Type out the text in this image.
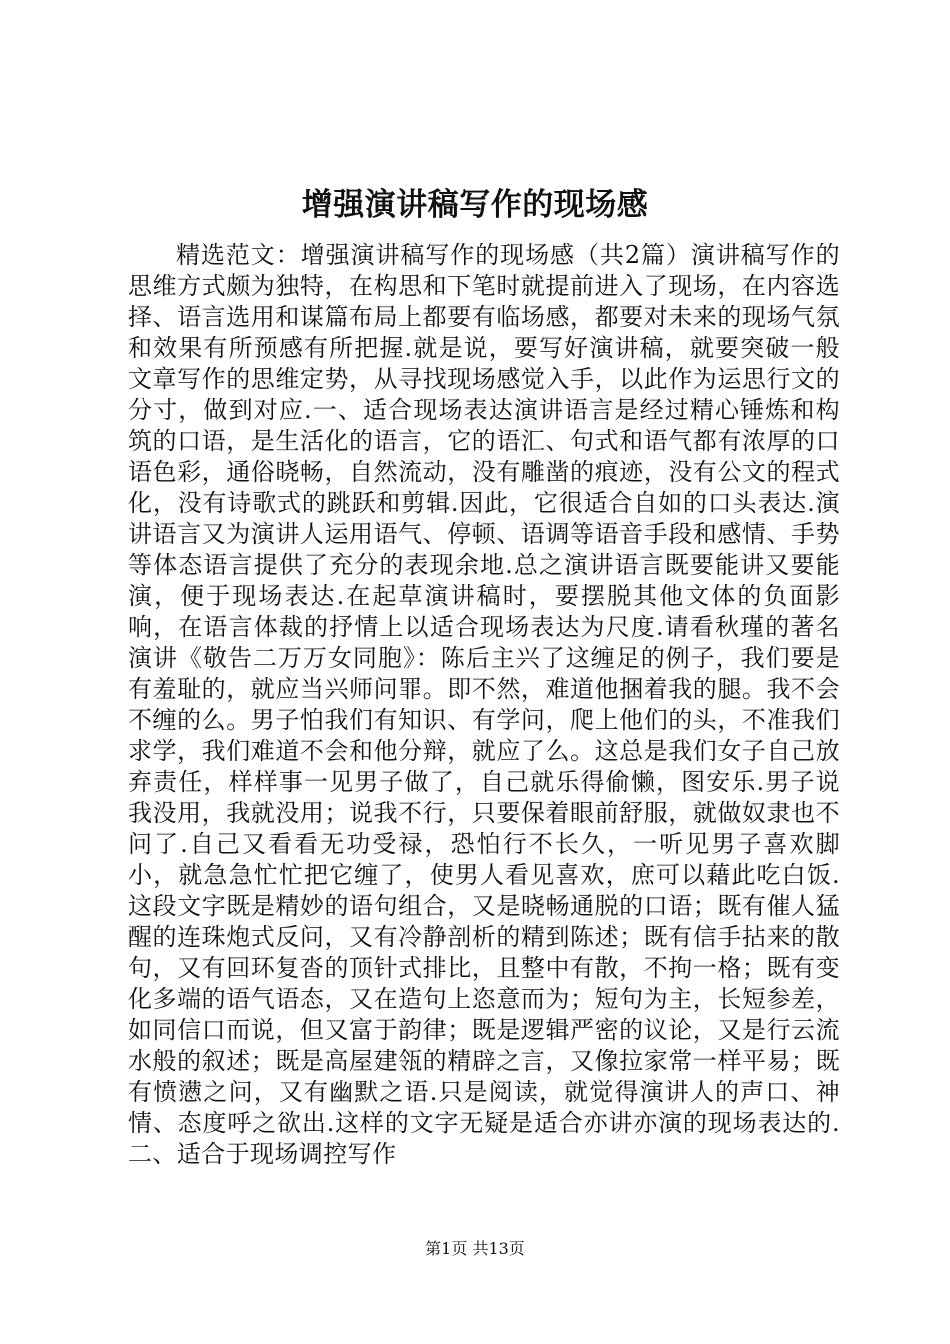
增强演讲稿写作的现场感

精选范文：增强演讲稿写作的现场感（共2篇）演讲稿写作的思维方式颇为独特，在构思和下笔时就提前进入了现场，在内容选择、语言选用和谋篇布局上都要有临场感，都要对未来的现场气氛和效果有所预感有所把握.就是说，要写好演讲稿，就要突破一般文章写作的思维定势，从寻找现场感觉入手，以此作为运思行文的分寸，做到对应.一、适合现场表达演讲语言是经过精心锤炼和构筑的口语，是生活化的语言，它的语汇、句式和语气都有浓厚的口语色彩，通俗晓畅，自然流动，没有雕凿的痕迹，没有公文的程式化，没有诗歌式的跳跃和剪辑.因此，它很适合自如的口头表达.演讲语言又为演讲人运用语气、停顿、语调等语音手段和感情、手势等体态语言提供了充分的表现余地.总之演讲语言既要能讲又要能演，便于现场表达.在起草演讲稿时，要摆脱其他文体的负面影响，在语言体裁的抒情上以适合现场表达为尺度.请看秋瑾的著名演讲《敬告二万万女同胞》：陈后主兴了这缠足的例子，我们要是有羞耻的，就应当兴师问罪。即不然，难道他捆着我的腿。我不会不缠的么。男子怕我们有知识、有学问，爬上他们的头，不准我们求学，我们难道不会和他分辩，就应了么。这总是我们女子自己放弃责任，样样事一见男子做了，自己就乐得偷懒，图安乐.男子说我没用，我就没用；说我不行，只要保着眼前舒服，就做奴隶也不问了.自己又看看无功受禄，恐怕行不长久，一听见男子喜欢脚小，就急急忙忙把它缠了，使男人看见喜欢，庶可以藉此吃白饭.这段文字既是精妙的语句组合，又是晓畅通脱的口语；既有催人猛醒的连珠炮式反问，又有冷静剖析的精到陈述；既有信手拈来的散句，又有回环复沓的顶针式排比，且整中有散，不拘一格；既有变化多端的语气语态，又在造句上恣意而为；短句为主，长短参差，如同信口而说，但又富于韵律；既是逻辑严密的议论，又是行云流水般的叙述；既是高屋建瓴的精辟之言，又像拉家常一样平易；既有愤懑之问，又有幽默之语.只是阅读，就觉得演讲人的声口、神情、态度呼之欲出.这样的文字无疑是适合亦讲亦演的现场表达的.二、适合于现场调控写作

第1页 共13页
